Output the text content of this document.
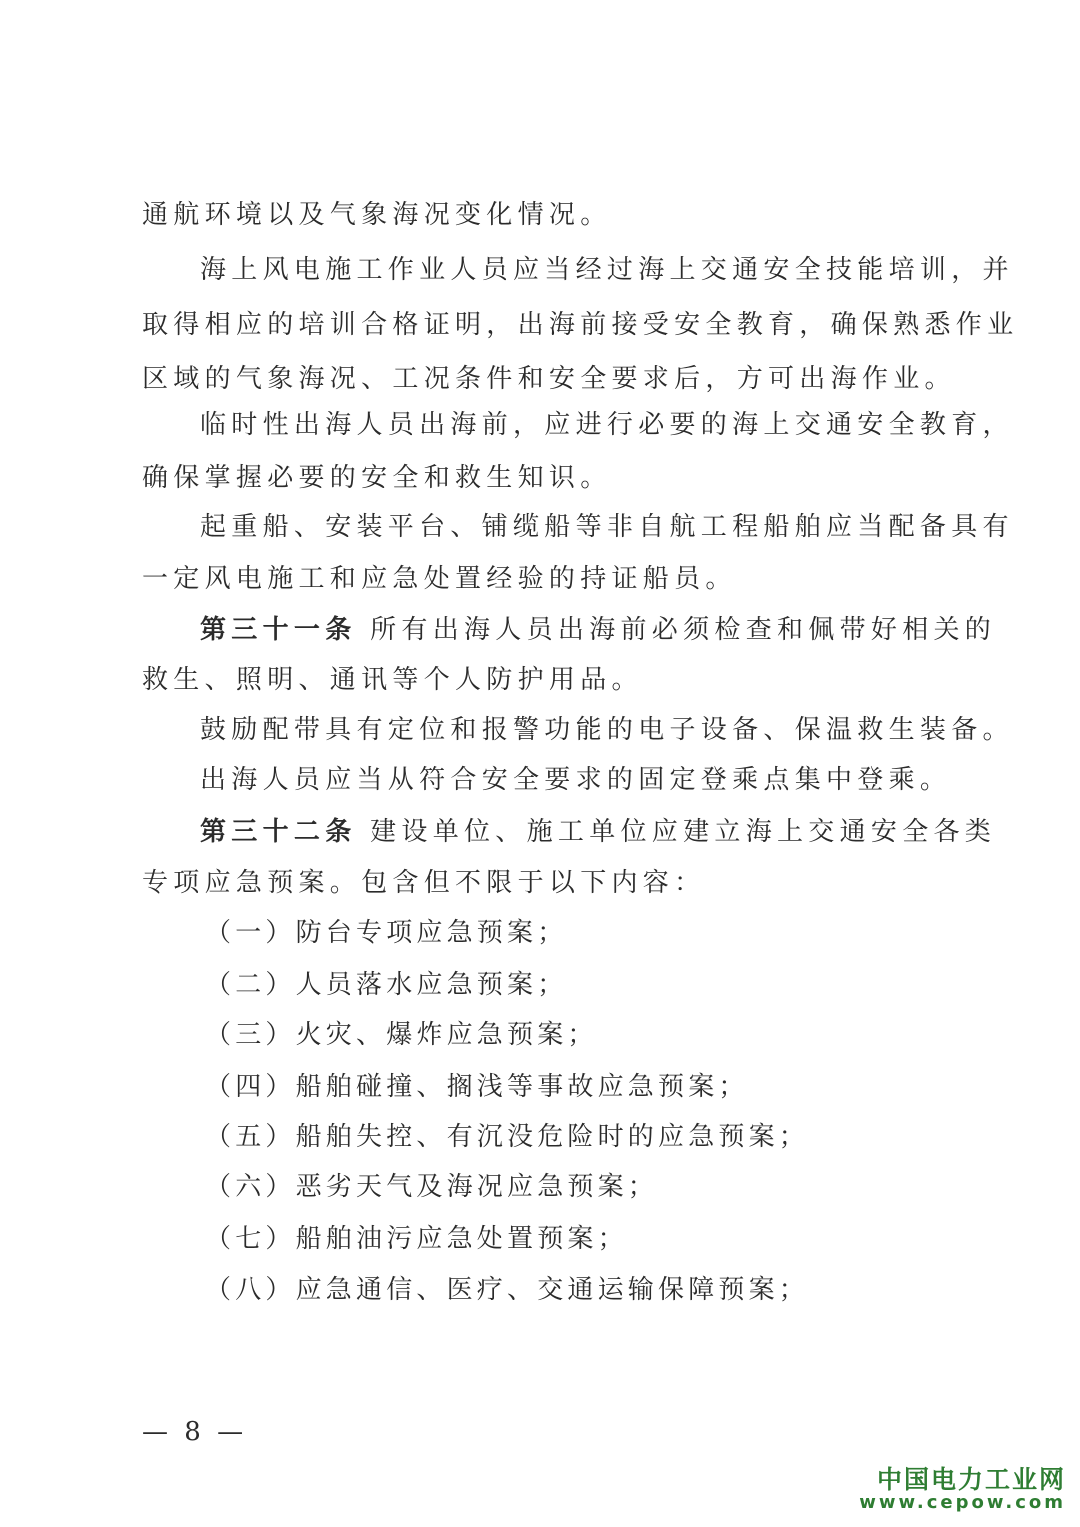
通航环境以及气象海况变化情况。
海上风电施工作业人员应当经过海上交通安全技能培训，并
取得相应的培训合格证明，出海前接受安全教育，确保熟悉作业
区域的气象海况、工况条件和安全要求后，方可出海作业。
临时性出海人员出海前，应进行必要的海上交通安全教育，
确保掌握必要的安全和救生知识。
起重船、安装平台、铺缆船等非自航工程船舶应当配备具有
一定风电施工和应急处置经验的持证船员。
第三十一条 所有出海人员出海前必须检查和佩带好相关的
救生、照明、通讯等个人防护用品。
鼓励配带具有定位和报警功能的电子设备、保温救生装备。
出海人员应当从符合安全要求的固定登乘点集中登乘。
第三十二条 建设单位、施工单位应建立海上交通安全各类
专项应急预案。包含但不限于以下内容：
（一）防台专项应急预案；
（二）人员落水应急预案；
（三）火灾、爆炸应急预案；
（四）船舶碰撞、搁浅等事故应急预案；
（五）船舶失控、有沉没危险时的应急预案；
（六）恶劣天气及海况应急预案；
（七）船舶油污应急处置预案；
（八）应急通信、医疗、交通运输保障预案；
— 8 —
中国电力工业网
www.cepow.com
